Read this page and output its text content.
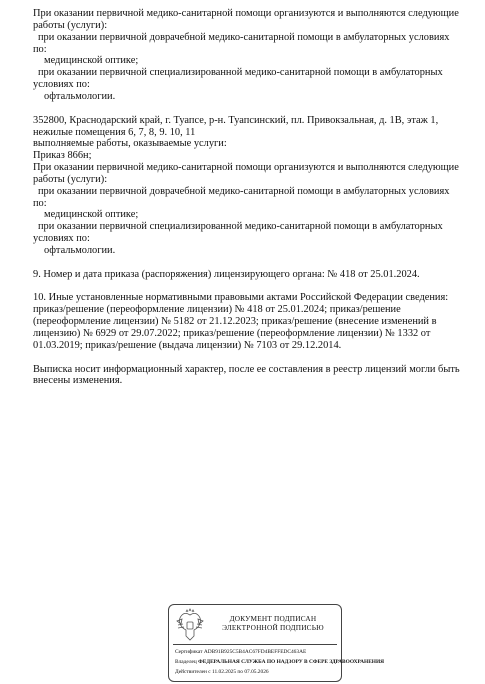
При оказании первичной медико-санитарной помощи организуются и выполняются следующие
работы (услуги):
при оказании первичной доврачебной медико-санитарной помощи в амбулаторных условиях
по:
медицинской оптике;
при оказании первичной специализированной медико-санитарной помощи в амбулаторных
условиях по:
офтальмологии.
352800, Краснодарский край, г. Туапсе, р-н. Туапсинский, пл. Привокзальная, д. 1В, этаж 1,
нежилые помещения 6, 7, 8, 9. 10, 11
выполняемые работы, оказываемые услуги:
Приказ 866н;
При оказании первичной медико-санитарной помощи организуются и выполняются следующие
работы (услуги):
при оказании первичной доврачебной медико-санитарной помощи в амбулаторных условиях
по:
медицинской оптике;
при оказании первичной специализированной медико-санитарной помощи в амбулаторных
условиях по:
офтальмологии.
9. Номер и дата приказа (распоряжения) лицензирующего органа: № 418 от 25.01.2024.
10. Иные установленные нормативными правовыми актами Российской Федерации сведения:
приказ/решение (переоформление лицензии) № 418 от 25.01.2024; приказ/решение
(переоформление лицензии) № 5182 от 21.12.2023; приказ/решение (внесение изменений в
лицензию) № 6929 от 29.07.2022; приказ/решение (переоформление лицензии) № 1332 от
01.03.2019; приказ/решение (выдача лицензии) № 7103 от 29.12.2014.
Выписка носит информационный характер, после ее составления в реестр лицензий могли быть
внесены изменения.
ДОКУМЕНТ ПОДПИСАН
ЭЛЕКТРОННОЙ ПОДПИСЬЮ
Сертификат ADB91B925C5B4AC67FD4BEFFEDC463AE
Владелец ФЕДЕРАЛЬНАЯ СЛУЖБА ПО НАДЗОРУ В СФЕРЕ ЗДРАВООХРАНЕНИЯ
Действителен с 11.02.2025 по 07.05.2026
